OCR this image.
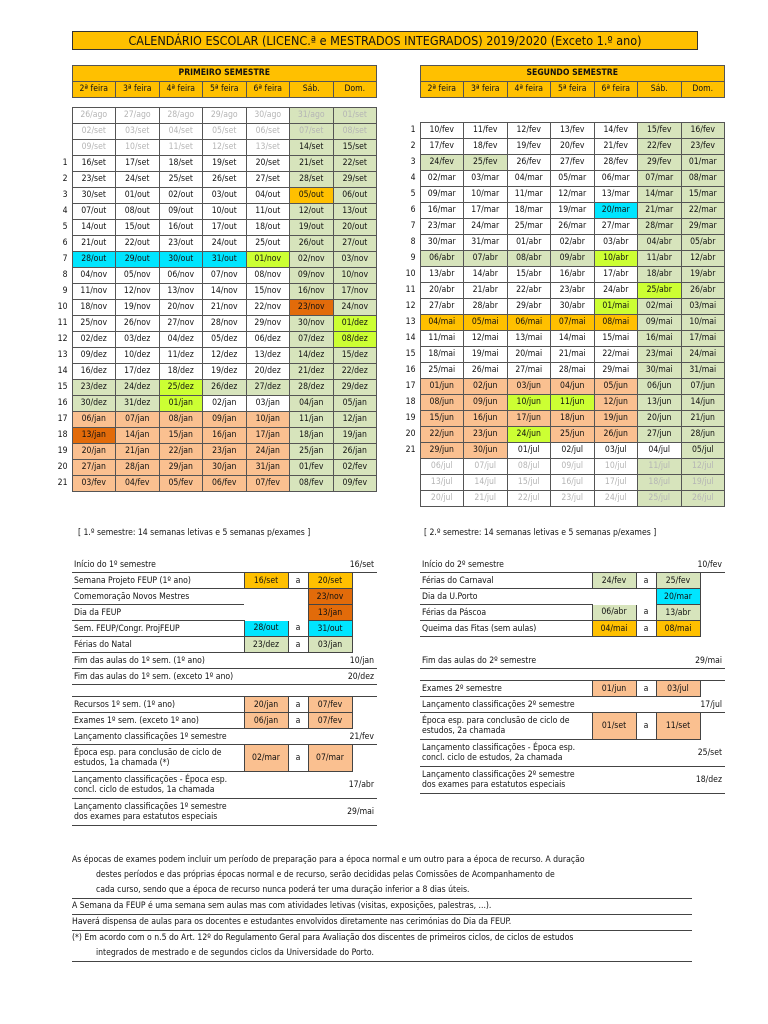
CALENDÁRIO ESCOLAR (LICENC.ª e MESTRADOS INTEGRADOS) 2019/2020 (Exceto 1.º ano)
	PRIMEIRO SEMESTRE						
	2ª feira	3ª feira	4ª feira	5ª feira	6ª feira	Sáb.	Dom.

	26/ago	27/ago	28/ago	29/ago	30/ago	31/ago	01/set
	02/set	03/set	04/set	05/set	06/set	07/set	08/set
	09/set	10/set	11/set	12/set	13/set	14/set	15/set
1	16/set	17/set	18/set	19/set	20/set	21/set	22/set
2	23/set	24/set	25/set	26/set	27/set	28/set	29/set
3	30/set	01/out	02/out	03/out	04/out	05/out	06/out
4	07/out	08/out	09/out	10/out	11/out	12/out	13/out
5	14/out	15/out	16/out	17/out	18/out	19/out	20/out
6	21/out	22/out	23/out	24/out	25/out	26/out	27/out
7	28/out	29/out	30/out	31/out	01/nov	02/nov	03/nov
8	04/nov	05/nov	06/nov	07/nov	08/nov	09/nov	10/nov
9	11/nov	12/nov	13/nov	14/nov	15/nov	16/nov	17/nov
10	18/nov	19/nov	20/nov	21/nov	22/nov	23/nov	24/nov
11	25/nov	26/nov	27/nov	28/nov	29/nov	30/nov	01/dez
12	02/dez	03/dez	04/dez	05/dez	06/dez	07/dez	08/dez
13	09/dez	10/dez	11/dez	12/dez	13/dez	14/dez	15/dez
14	16/dez	17/dez	18/dez	19/dez	20/dez	21/dez	22/dez
15	23/dez	24/dez	25/dez	26/dez	27/dez	28/dez	29/dez
16	30/dez	31/dez	01/jan	02/jan	03/jan	04/jan	05/jan
17	06/jan	07/jan	08/jan	09/jan	10/jan	11/jan	12/jan
18	13/jan	14/jan	15/jan	16/jan	17/jan	18/jan	19/jan
19	20/jan	21/jan	22/jan	23/jan	24/jan	25/jan	26/jan
20	27/jan	28/jan	29/jan	30/jan	31/jan	01/fev	02/fev
21	03/fev	04/fev	05/fev	06/fev	07/fev	08/fev	09/fev
	SEGUNDO SEMESTRE						
	2ª feira	3ª feira	4ª feira	5ª feira	6ª feira	Sáb.	Dom.

1	10/fev	11/fev	12/fev	13/fev	14/fev	15/fev	16/fev
2	17/fev	18/fev	19/fev	20/fev	21/fev	22/fev	23/fev
3	24/fev	25/fev	26/fev	27/fev	28/fev	29/fev	01/mar
4	02/mar	03/mar	04/mar	05/mar	06/mar	07/mar	08/mar
5	09/mar	10/mar	11/mar	12/mar	13/mar	14/mar	15/mar
6	16/mar	17/mar	18/mar	19/mar	20/mar	21/mar	22/mar
7	23/mar	24/mar	25/mar	26/mar	27/mar	28/mar	29/mar
8	30/mar	31/mar	01/abr	02/abr	03/abr	04/abr	05/abr
9	06/abr	07/abr	08/abr	09/abr	10/abr	11/abr	12/abr
10	13/abr	14/abr	15/abr	16/abr	17/abr	18/abr	19/abr
11	20/abr	21/abr	22/abr	23/abr	24/abr	25/abr	26/abr
12	27/abr	28/abr	29/abr	30/abr	01/mai	02/mai	03/mai
13	04/mai	05/mai	06/mai	07/mai	08/mai	09/mai	10/mai
14	11/mai	12/mai	13/mai	14/mai	15/mai	16/mai	17/mai
15	18/mai	19/mai	20/mai	21/mai	22/mai	23/mai	24/mai
16	25/mai	26/mai	27/mai	28/mai	29/mai	30/mai	31/mai
17	01/jun	02/jun	03/jun	04/jun	05/jun	06/jun	07/jun
18	08/jun	09/jun	10/jun	11/jun	12/jun	13/jun	14/jun
19	15/jun	16/jun	17/jun	18/jun	19/jun	20/jun	21/jun
20	22/jun	23/jun	24/jun	25/jun	26/jun	27/jun	28/jun
21	29/jun	30/jun	01/jul	02/jul	03/jul	04/jul	05/jul
	06/jul	07/jul	08/jul	09/jul	10/jul	11/jul	12/jul
	13/jul	14/jul	15/jul	16/jul	17/jul	18/jul	19/jul
	20/jul	21/jul	22/jul	23/jul	24/jul	25/jul	26/jul
[ 1.º semestre: 14 semanas letivas e 5 semanas p/exames ]	[ 2.º semestre: 14 semanas letivas e 5 semanas p/exames ]
Início do 1º semestre	16/set			
Semana Projeto FEUP (1º ano)	16/set	a	20/set	
Comemoração Novos Mestres			23/nov	
Dia da FEUP			13/jan	
Sem. FEUP/Congr. ProjFEUP	28/out	a	31/out	
Férias do Natal	23/dez	a	03/jan	
Fim das aulas do 1º sem. (1º ano)	10/jan			
Fim das aulas do 1º sem. (exceto 1º ano)	20/dez			

Recursos 1º sem. (1º ano)	20/jan	a	07/fev	
Exames 1º sem. (exceto 1º ano)	06/jan	a	07/fev	
Lançamento classificações 1º semestre	21/fev			
Época esp. para conclusão de ciclo de estudos, 1a chamada (*)	02/mar	a	07/mar	
Lançamento classificações - Época esp. concl. ciclo de estudos, 1a chamada	17/abr			
Lançamento classificações 1º semestre dos exames para estatutos especiais	29/mai			
Início do 2º semestre	10/fev			
Férias do Carnaval	24/fev	a	25/fev	
Dia da U.Porto			20/mar	
Férias da Páscoa	06/abr	a	13/abr	
Queima das Fitas (sem aulas)	04/mai	a	08/mai	

Fim das aulas do 2º semestre	29/mai			

Exames 2º semestre	01/jun	a	03/jul	
Lançamento classificações 2º semestre	17/jul			
Época esp. para conclusão de ciclo de estudos, 2a chamada	01/set	a	11/set	
Lançamento classificações - Época esp. concl. ciclo de estudos, 2a chamada	25/set			
Lançamento classificações 2º semestre dos exames para estatutos especiais	18/dez			

As épocas de exames podem incluir um período de preparação para a época normal e um outro para a época de recurso. A duração
destes períodos e das próprias épocas normal e de recurso, serão decididas pelas Comissões de Acompanhamento de
cada curso, sendo que a época de recurso nunca poderá ter uma duração inferior a 8 dias úteis.

A Semana da FEUP é uma semana sem aulas mas com atividades letivas (visitas, exposições, palestras, ...).

Haverá dispensa de aulas para os docentes e estudantes envolvidos diretamente nas cerimónias do Dia da FEUP.

(*) Em acordo com o n.5 do Art. 12º do Regulamento Geral para Avaliação dos discentes de primeiros ciclos, de ciclos de estudos
integrados de mestrado e de segundos ciclos da Universidade do Porto.
